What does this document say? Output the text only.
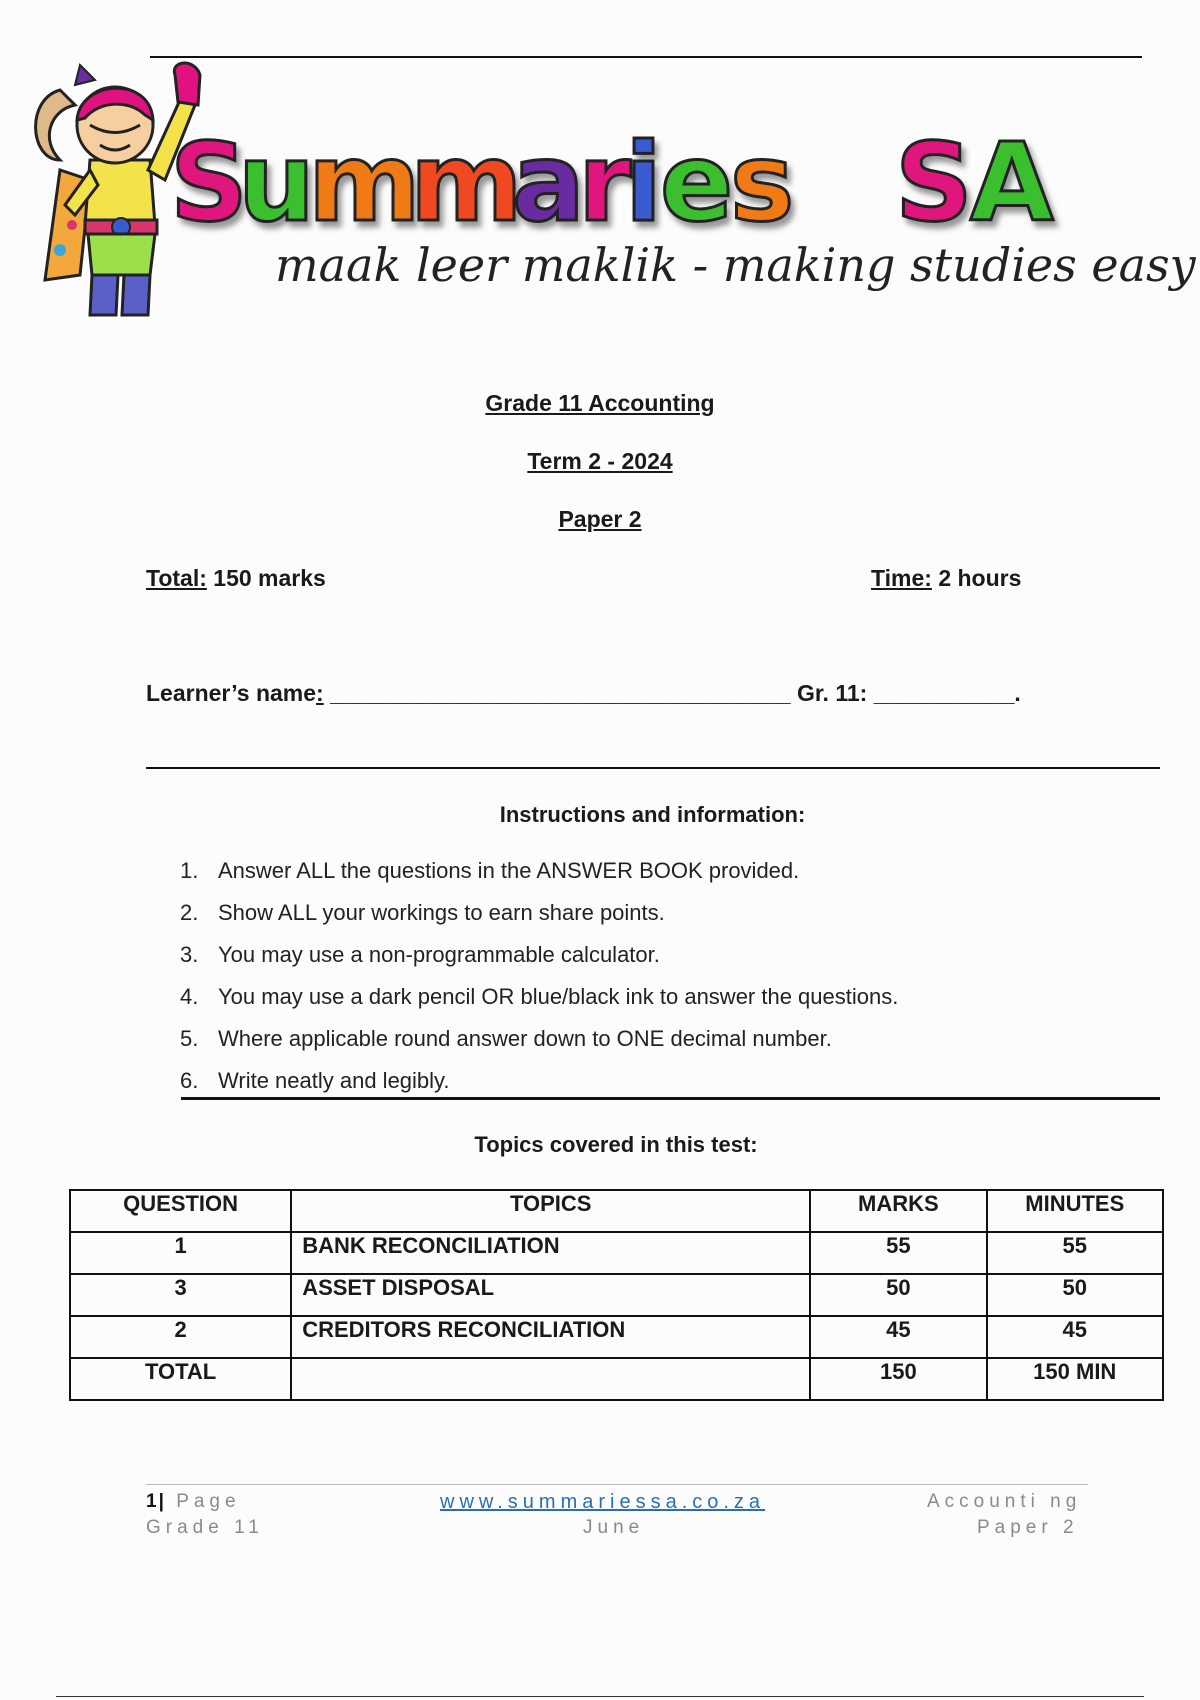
S
u
m
m
a
r
i
e
s S
A
maak leer maklik - making studies easy
Grade 11 Accounting
Term 2 - 2024
Paper 2
Total: 150 marks	Time: 2 hours
Learner’s name: ____________________________________ Gr. 11: ___________.
Instructions and information:
1. Answer ALL the questions in the ANSWER BOOK provided.
2. Show ALL your workings to earn share points.
3. You may use a non-programmable calculator.
4. You may use a dark pencil OR blue/black ink to answer the questions.
5. Where applicable round answer down to ONE decimal number.
6. Write neatly and legibly.
Topics covered in this test:
QUESTION	TOPICS	MARKS	MINUTES
1	BANK RECONCILIATION	55	55
3	ASSET DISPOSAL	50	50
2	CREDITORS RECONCILIATION	45	45
TOTAL		150	150 MIN
1| Page
Grade 11
www.summariessa.co.za
June
Accounti ng
Paper 2
